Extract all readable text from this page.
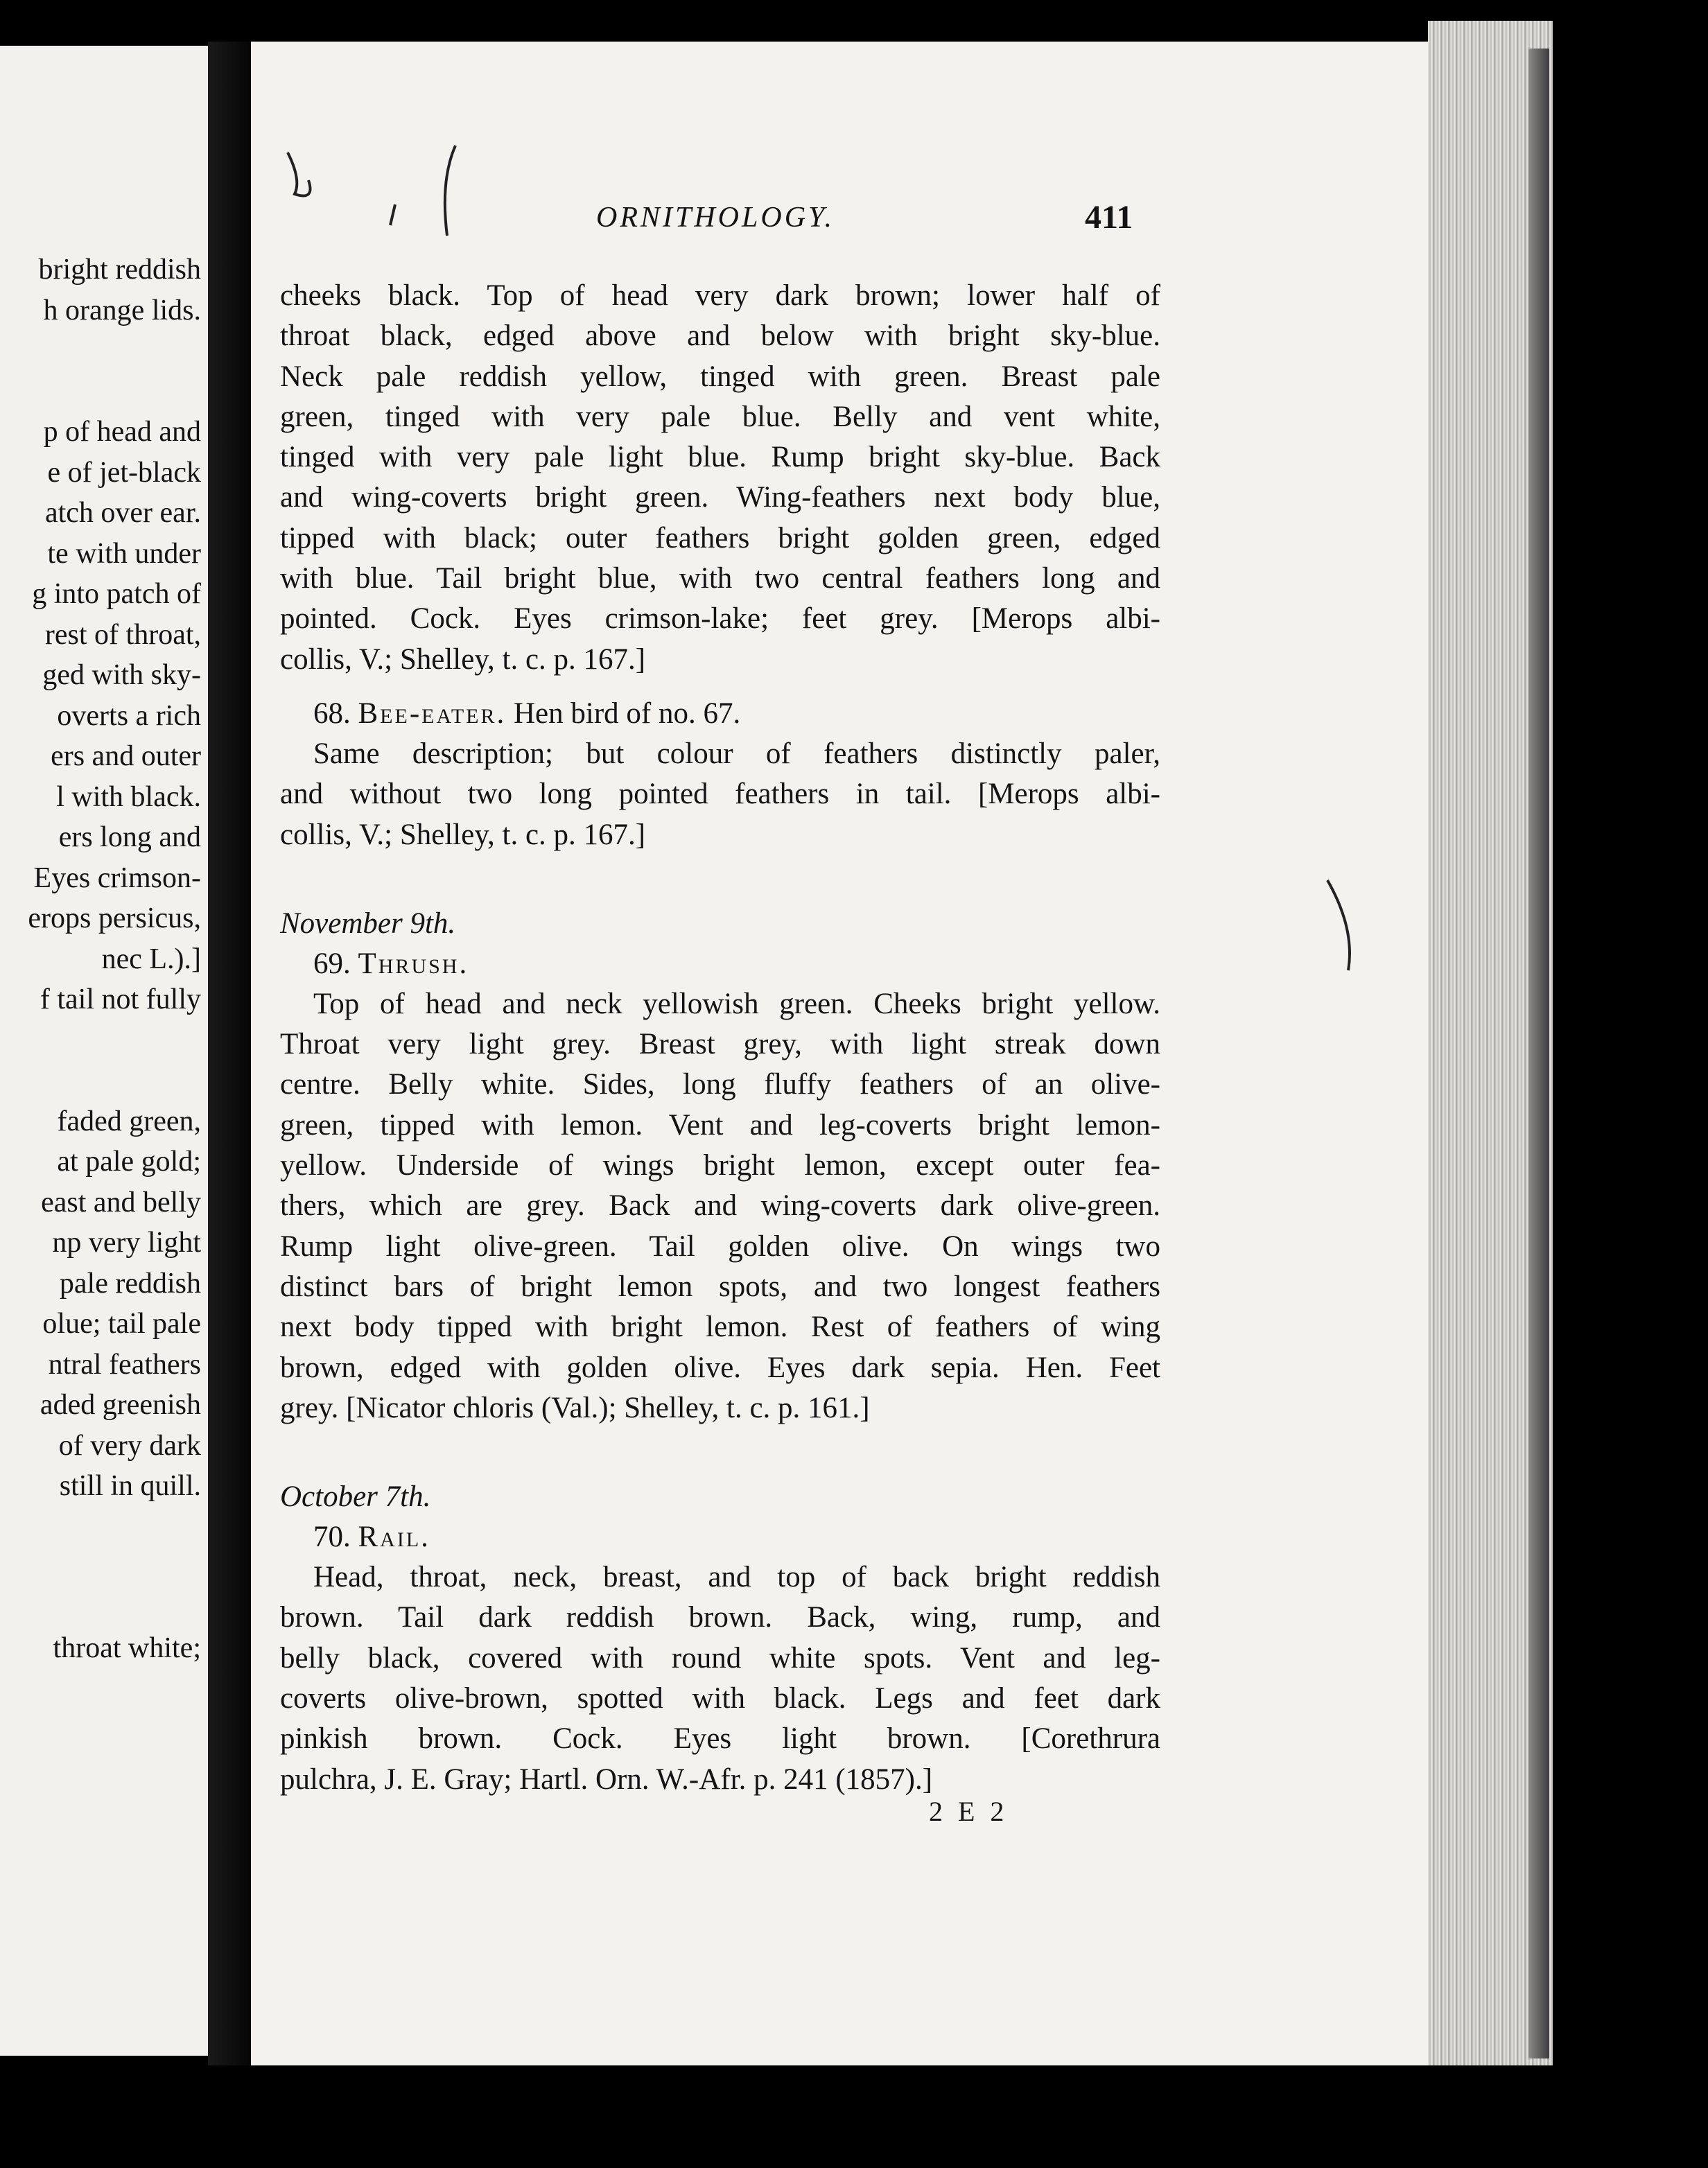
bright reddish
h orange lids.
p of head and
e of jet-black
atch over ear.
te with under
g into patch of
rest of throat,
ged with sky-
overts a rich
ers and outer
l with black.
ers long and
Eyes crimson-
erops persicus,
nec L.).]
f tail not fully
faded green,
at pale gold;
east and belly
np very light
pale reddish
olue; tail pale
ntral feathers
aded greenish
of very dark
still in quill.
throat white;
ORNITHOLOGY.	411

cheeks black. Top of head very dark brown; lower half of

throat black, edged above and below with bright sky-blue.

Neck pale reddish yellow, tinged with green. Breast pale

green, tinged with very pale blue. Belly and vent white,

tinged with very pale light blue. Rump bright sky-blue. Back

and wing-coverts bright green. Wing-feathers next body blue,

tipped with black; outer feathers bright golden green, edged

with blue. Tail bright blue, with two central feathers long and

pointed. Cock. Eyes crimson-lake; feet grey. [Merops albi-

collis, V.; Shelley, t. c. p. 167.]

68. Bee-eater. Hen bird of no. 67.

Same description; but colour of feathers distinctly paler,

and without two long pointed feathers in tail. [Merops albi-

collis, V.; Shelley, t. c. p. 167.]

November 9th.

69. Thrush.

Top of head and neck yellowish green. Cheeks bright yellow.

Throat very light grey. Breast grey, with light streak down

centre. Belly white. Sides, long fluffy feathers of an olive-

green, tipped with lemon. Vent and leg-coverts bright lemon-

yellow. Underside of wings bright lemon, except outer fea-

thers, which are grey. Back and wing-coverts dark olive-green.

Rump light olive-green. Tail golden olive. On wings two

distinct bars of bright lemon spots, and two longest feathers

next body tipped with bright lemon. Rest of feathers of wing

brown, edged with golden olive. Eyes dark sepia. Hen. Feet

grey. [Nicator chloris (Val.); Shelley, t. c. p. 161.]

October 7th.

70. Rail.

Head, throat, neck, breast, and top of back bright reddish

brown. Tail dark reddish brown. Back, wing, rump, and

belly black, covered with round white spots. Vent and leg-

coverts olive-brown, spotted with black. Legs and feet dark

pinkish brown. Cock. Eyes light brown. [Corethrura

pulchra, J. E. Gray; Hartl. Orn. W.-Afr. p. 241 (1857).]

2 E 2
